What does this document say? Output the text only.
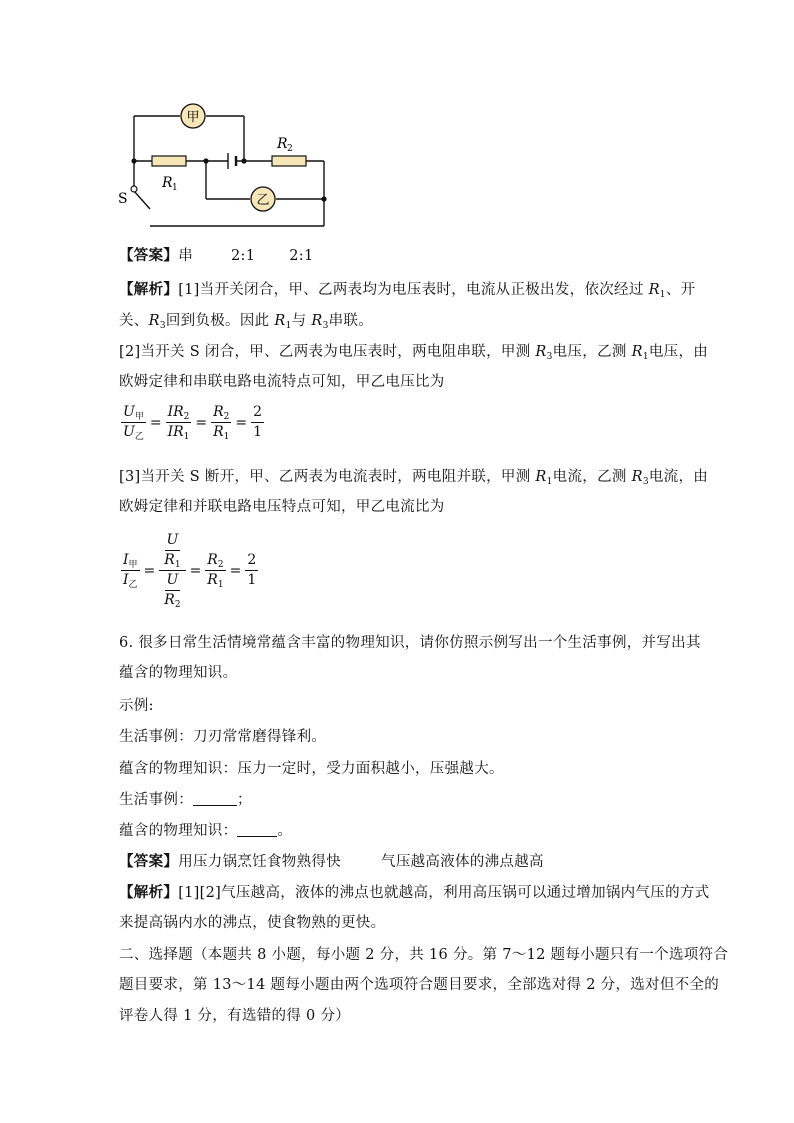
甲
乙
R 1
R 2
S
【答案】串	2:1 2:1
【解析】[1]当开关闭合，甲、乙两表均为电压表时，电流从正极出发，依次经过 $R_1$、开
关、$R_3$回到负极。因此 $R_1$与 $R_3$串联。
[2]当开关 S 闭合，甲、乙两表为电压表时，两电阻串联，甲测 $R_3$电压，乙测 $R_1$电压，由
欧姆定律和串联电路电流特点可知，甲乙电压比为
$\frac{U_甲}{U_乙} = \frac{IR_2}{IR_1} = \frac{R_2}{R_1} = \frac{2}{1}$
[3]当开关 S 断开，甲、乙两表为电流表时，两电阻并联，甲测 $R_1$电流，乙测 $R_3$电流，由
欧姆定律和并联电路电压特点可知，甲乙电流比为
$\frac{I_甲}{I_乙} = \frac{\frac{U}{R_1}}{\frac{U}{R_2}} = \frac{R_2}{R_1} = \frac{2}{1}$
6. 很多日常生活情境常蕴含丰富的物理知识，请你仿照示例写出一个生活事例，并写出其
蕴含的物理知识。
示例:
生活事例：刀刃常常磨得锋利。
蕴含的物理知识：压力一定时，受力面积越小，压强越大。
生活事例：	；
蕴含的物理知识：	。
【答案】用压力锅烹饪食物熟得快	气压越高液体的沸点越高
【解析】[1][2]气压越高，液体的沸点也就越高，利用高压锅可以通过增加锅内气压的方式
来提高锅内水的沸点，使食物熟的更快。
二、选择题（本题共 8 小题，每小题 2 分，共 16 分。第 7～12 题每小题只有一个选项符合
题目要求，第 13～14 题每小题由两个选项符合题目要求，全部选对得 2 分，选对但不全的
评卷人得 1 分，有选错的得 0 分）
